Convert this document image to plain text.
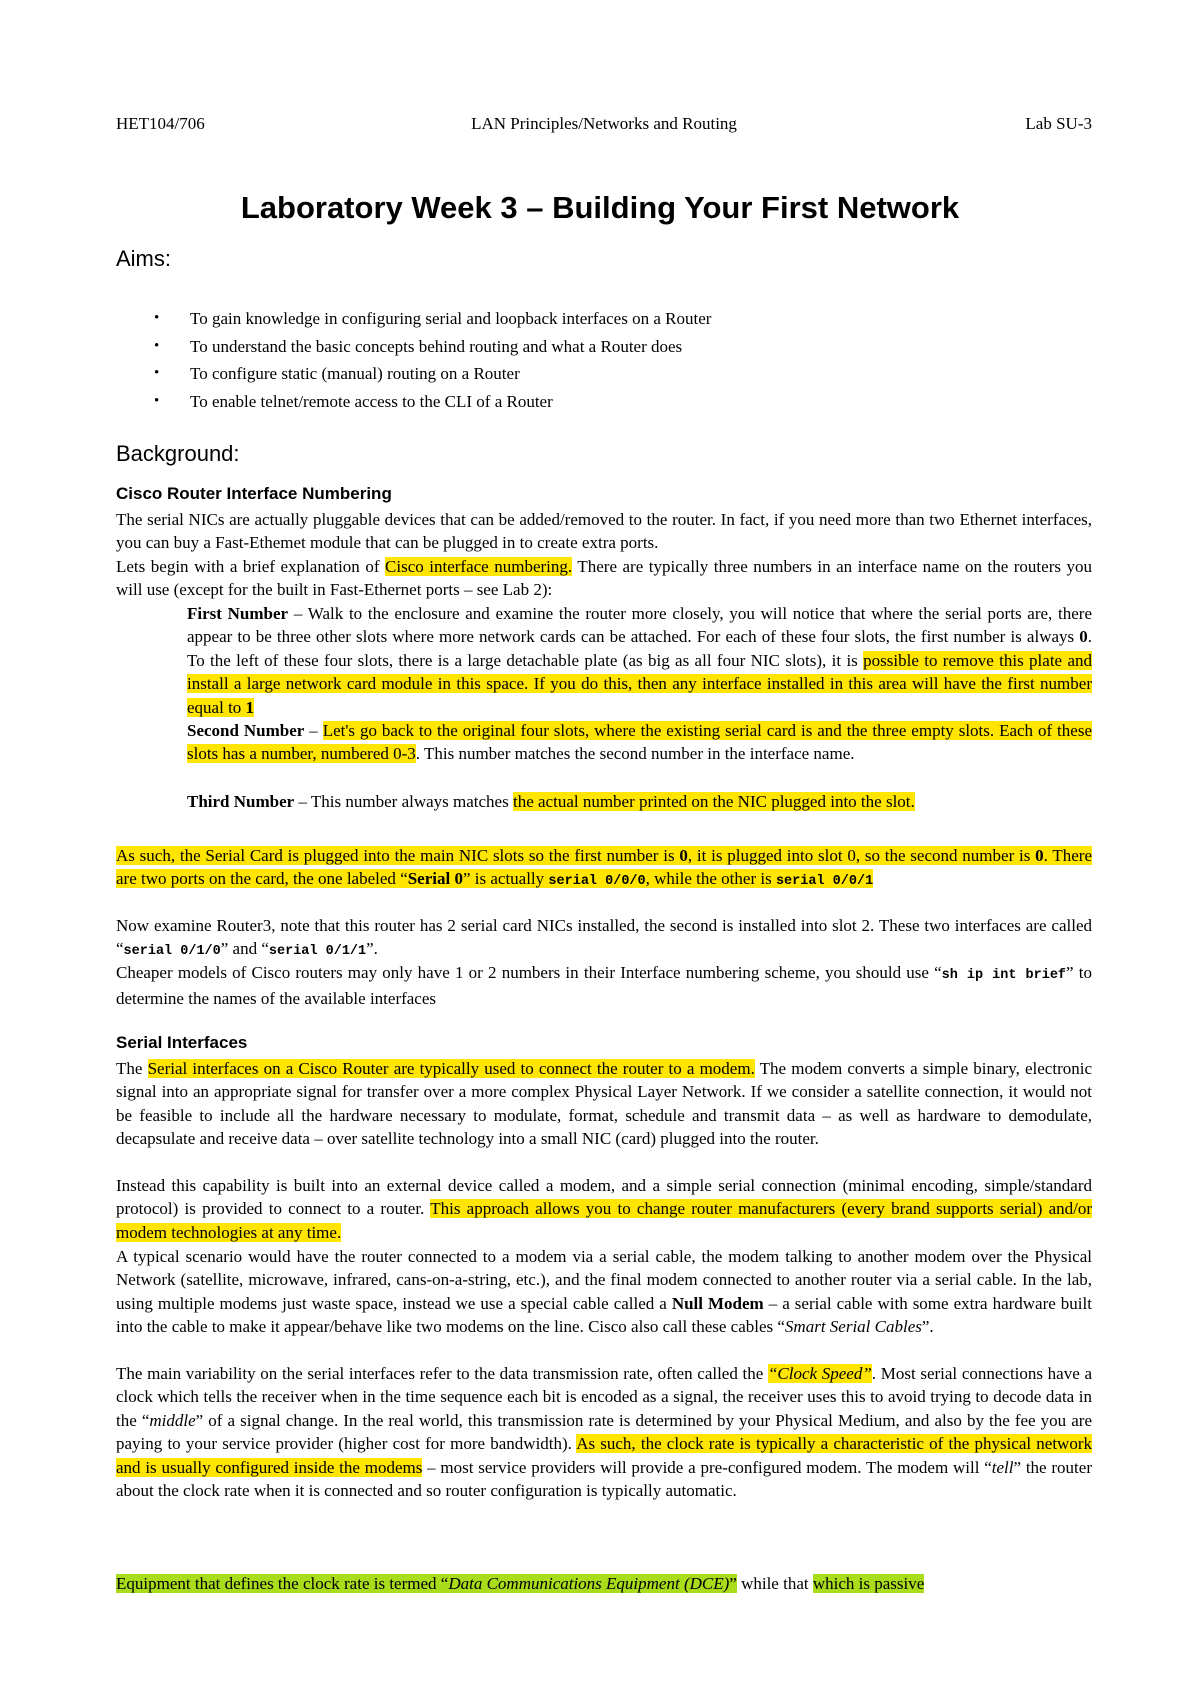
HET104/706	LAN Principles/Networks and Routing	Lab SU-3
Laboratory Week 3 – Building Your First Network
Aims:
• To gain knowledge in configuring serial and loopback interfaces on a Router
• To understand the basic concepts behind routing and what a Router does
• To configure static (manual) routing on a Router
• To enable telnet/remote access to the CLI of a Router
Background:
Cisco Router Interface Numbering
The serial NICs are actually pluggable devices that can be added/removed to the router. In fact, if you need more than two Ethernet interfaces, you can buy a Fast-Ethemet module that can be plugged in to create extra ports.
Lets begin with a brief explanation of Cisco interface numbering. There are typically three numbers in an interface name on the routers you will use (except for the built in Fast-Ethernet ports – see Lab 2):
First Number – Walk to the enclosure and examine the router more closely, you will notice that where the serial ports are, there appear to be three other slots where more network cards can be attached. For each of these four slots, the first number is always 0. To the left of these four slots, there is a large detachable plate (as big as all four NIC slots), it is possible to remove this plate and install a large network card module in this space. If you do this, then any interface installed in this area will have the first number equal to 1
Second Number – Let's go back to the original four slots, where the existing serial card is and the three empty slots. Each of these slots has a number, numbered 0-3. This number matches the second number in the interface name.
Third Number – This number always matches the actual number printed on the NIC plugged into the slot.
As such, the Serial Card is plugged into the main NIC slots so the first number is 0, it is plugged into slot 0, so the second number is 0. There are two ports on the card, the one labeled “Serial 0” is actually serial 0/0/0, while the other is serial 0/0/1
Now examine Router3, note that this router has 2 serial card NICs installed, the second is installed into slot 2. These two interfaces are called “serial 0/1/0” and “serial 0/1/1”.
Cheaper models of Cisco routers may only have 1 or 2 numbers in their Interface numbering scheme, you should use “sh ip int brief” to determine the names of the available interfaces
Serial Interfaces
The Serial interfaces on a Cisco Router are typically used to connect the router to a modem. The modem converts a simple binary, electronic signal into an appropriate signal for transfer over a more complex Physical Layer Network. If we consider a satellite connection, it would not be feasible to include all the hardware necessary to modulate, format, schedule and transmit data – as well as hardware to demodulate, decapsulate and receive data – over satellite technology into a small NIC (card) plugged into the router.
Instead this capability is built into an external device called a modem, and a simple serial connection (minimal encoding, simple/standard protocol) is provided to connect to a router. This approach allows you to change router manufacturers (every brand supports serial) and/or modem technologies at any time.
A typical scenario would have the router connected to a modem via a serial cable, the modem talking to another modem over the Physical Network (satellite, microwave, infrared, cans-on-a-string, etc.), and the final modem connected to another router via a serial cable. In the lab, using multiple modems just waste space, instead we use a special cable called a Null Modem – a serial cable with some extra hardware built into the cable to make it appear/behave like two modems on the line. Cisco also call these cables “Smart Serial Cables”.
The main variability on the serial interfaces refer to the data transmission rate, often called the “Clock Speed”. Most serial connections have a clock which tells the receiver when in the time sequence each bit is encoded as a signal, the receiver uses this to avoid trying to decode data in the “middle” of a signal change. In the real world, this transmission rate is determined by your Physical Medium, and also by the fee you are paying to your service provider (higher cost for more bandwidth). As such, the clock rate is typically a characteristic of the physical network and is usually configured inside the modems – most service providers will provide a pre-configured modem. The modem will “tell” the router about the clock rate when it is connected and so router configuration is typically automatic.
Equipment that defines the clock rate is termed “Data Communications Equipment (DCE)” while that which is passive
